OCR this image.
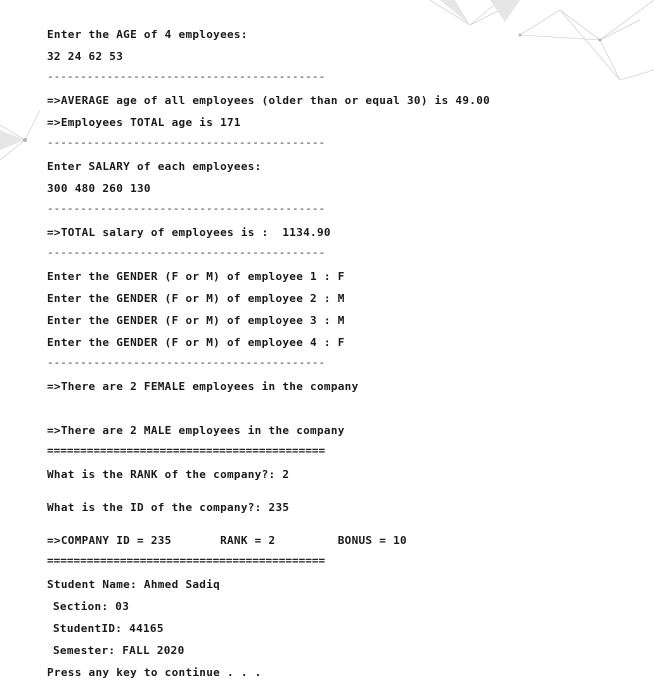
Enter the AGE of 4 employees:
32 24 62 53
------------------------------------------
=>AVERAGE age of all employees (older than or equal 30) is 49.00
=>Employees TOTAL age is 171
------------------------------------------
Enter SALARY of each employees:
300 480 260 130
------------------------------------------
=>TOTAL salary of employees is :  1134.90
------------------------------------------
Enter the GENDER (F or M) of employee 1 : F
Enter the GENDER (F or M) of employee 2 : M
Enter the GENDER (F or M) of employee 3 : M
Enter the GENDER (F or M) of employee 4 : F
------------------------------------------
=>There are 2 FEMALE employees in the company
=>There are 2 MALE employees in the company
==========================================
What is the RANK of the company?: 2
What is the ID of the company?: 235
=>COMPANY ID = 235       RANK = 2         BONUS = 10
==========================================
Student Name: Ahmed Sadiq
Section: 03
StudentID: 44165
Semester: FALL 2020
Press any key to continue . . .
